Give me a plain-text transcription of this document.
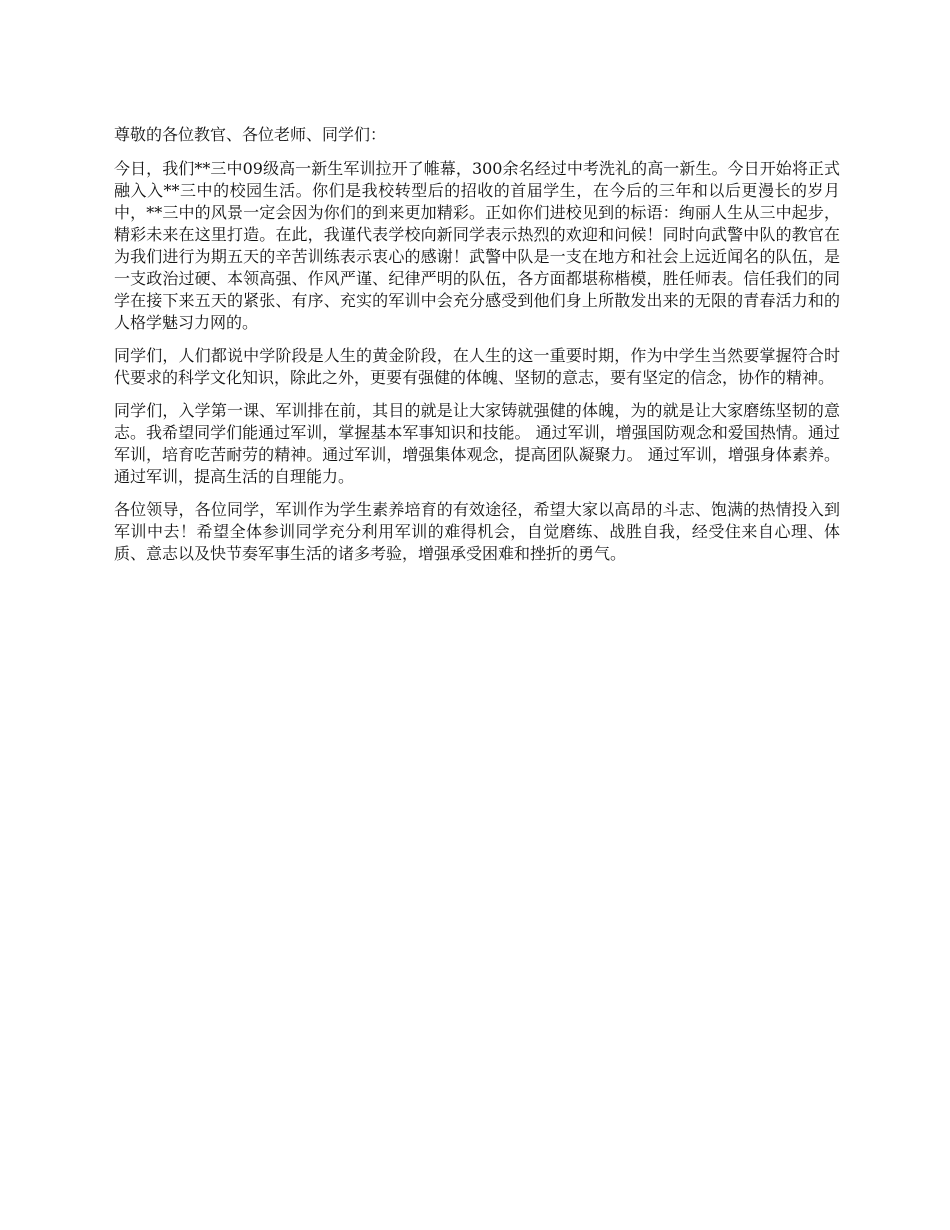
尊敬的各位教官、各位老师、同学们：

今日，我们**三中09级高一新生军训拉开了帷幕，300余名经过中考洗礼的高一新生。今日开始将正式融入入**三中的校园生活。你们是我校转型后的招收的首届学生，在今后的三年和以后更漫长的岁月中，**三中的风景一定会因为你们的到来更加精彩。正如你们进校见到的标语：绚丽人生从三中起步，精彩未来在这里打造。在此，我谨代表学校向新同学表示热烈的欢迎和问候！同时向武警中队的教官在为我们进行为期五天的辛苦训练表示衷心的感谢！武警中队是一支在地方和社会上远近闻名的队伍，是一支政治过硬、本领高强、作风严谨、纪律严明的队伍，各方面都堪称楷模，胜任师表。信任我们的同学在接下来五天的紧张、有序、充实的军训中会充分感受到他们身上所散发出来的无限的青春活力和的人格学魅习力网的。

同学们，人们都说中学阶段是人生的黄金阶段，在人生的这一重要时期，作为中学生当然要掌握符合时代要求的科学文化知识，除此之外，更要有强健的体魄、坚韧的意志，要有坚定的信念，协作的精神。

同学们，入学第一课、军训排在前，其目的就是让大家铸就强健的体魄，为的就是让大家磨练坚韧的意志。我希望同学们能通过军训，掌握基本军事知识和技能。 通过军训，增强国防观念和爱国热情。通过军训，培育吃苦耐劳的精神。通过军训，增强集体观念，提高团队凝聚力。 通过军训，增强身体素养。通过军训，提高生活的自理能力。

各位领导，各位同学，军训作为学生素养培育的有效途径，希望大家以高昂的斗志、饱满的热情投入到军训中去！希望全体参训同学充分利用军训的难得机会，自觉磨练、战胜自我，经受住来自心理、体质、意志以及快节奏军事生活的诸多考验，增强承受困难和挫折的勇气。
